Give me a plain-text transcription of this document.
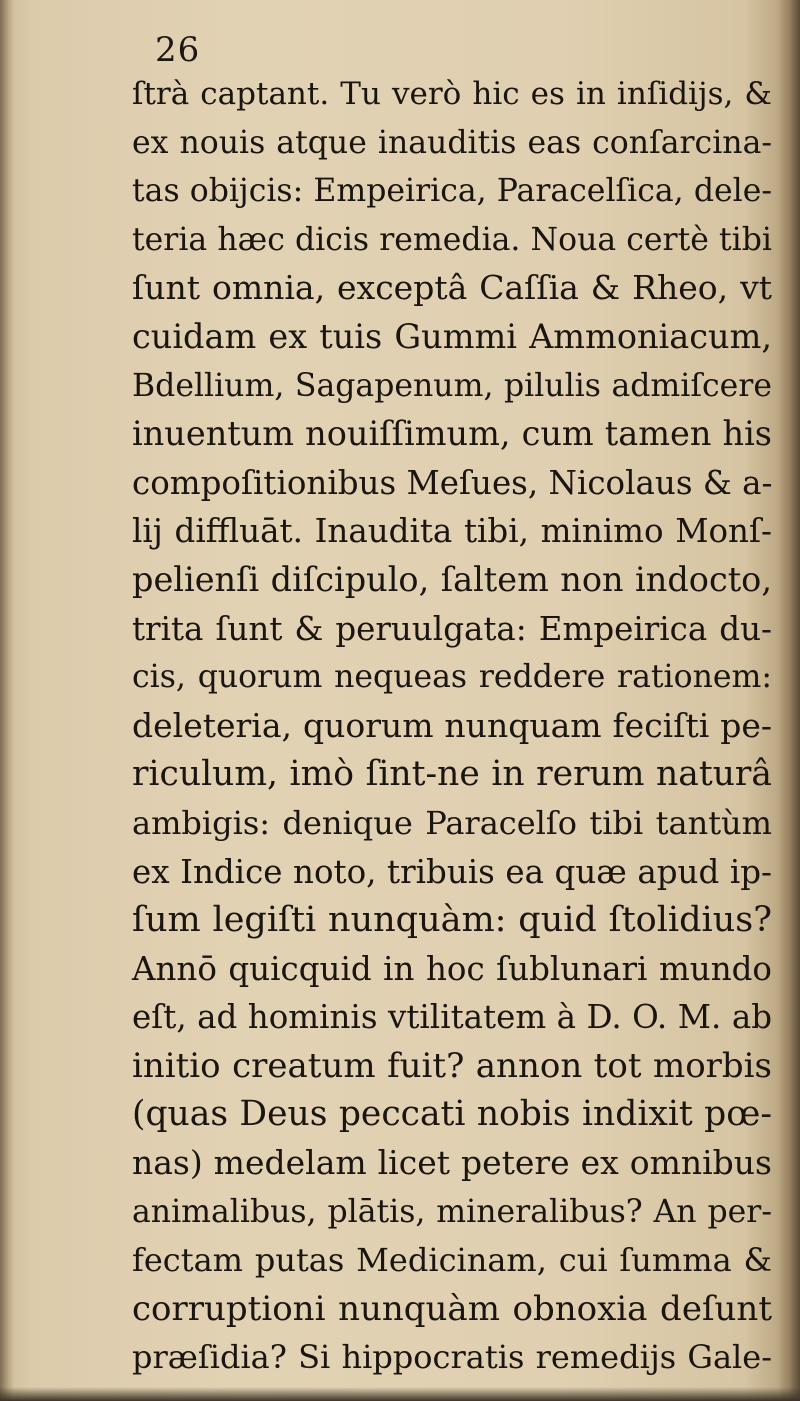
26
ſtrà captant. Tu verò hic es in inſidijs, &
ex nouis atque inauditis eas conſarcina-
tas obijcis: Empeirica, Paracelſica, dele-
teria hæc dicis remedia. Noua certè tibi
ſunt omnia, exceptâ Caſſia & Rheo, vt
cuidam ex tuis Gummi Ammoniacum,
Bdellium, Sagapenum, pilulis admiſcere
inuentum nouiſſimum, cum tamen his
compoſitionibus Meſues, Nicolaus & a-
lij diffluāt. Inaudita tibi, minimo Monſ-
pelienſi diſcipulo, ſaltem non indocto,
trita ſunt & peruulgata: Empeirica du-
cis, quorum nequeas reddere rationem:
deleteria, quorum nunquam feciſti pe-
riculum, imò ſint-ne in rerum naturâ
ambigis: denique Paracelſo tibi tantùm
ex Indice noto, tribuis ea quæ apud ip-
ſum legiſti nunquàm: quid ſtolidius?
Annō quicquid in hoc ſublunari mundo
eſt, ad hominis vtilitatem à D. O. M. ab
initio creatum fuit? annon tot morbis
(quas Deus peccati nobis indixit pœ-
nas) medelam licet petere ex omnibus
animalibus, plātis, mineralibus? An per-
fectam putas Medicinam, cui ſumma &
corruptioni nunquàm obnoxia deſunt
præſidia? Si hippocratis remedijs Gale-
